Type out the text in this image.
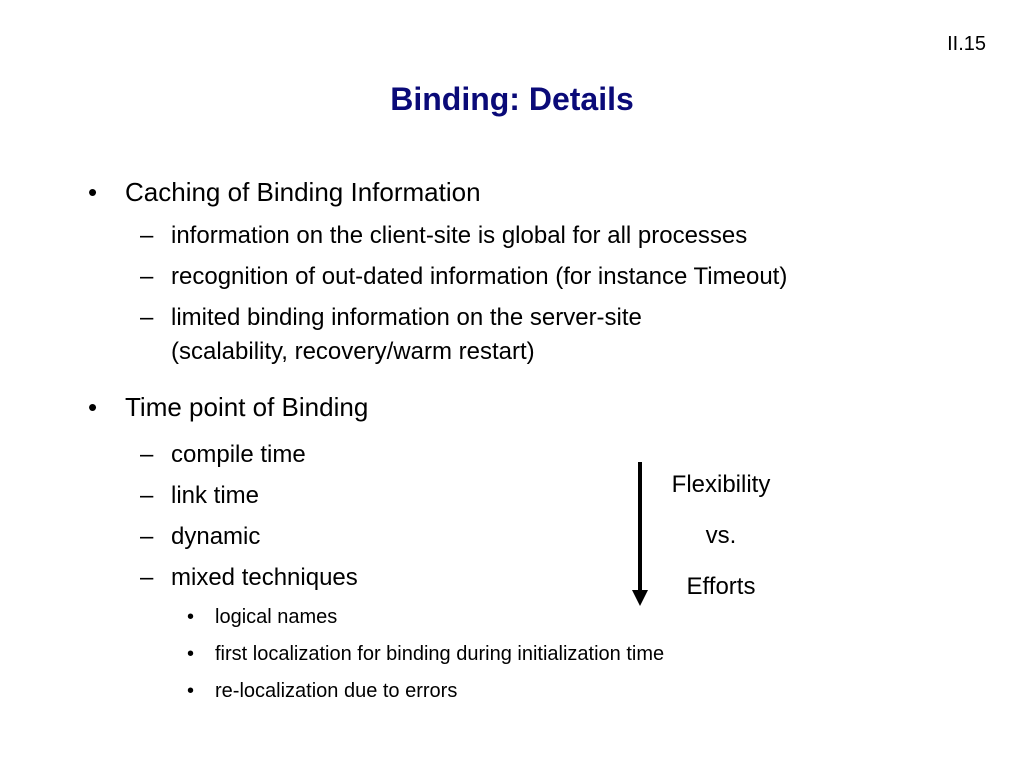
II.15
Binding: Details
• Caching of Binding Information
– information on the client-site is global for all processes
– recognition of out-dated information (for instance Timeout)
– limited binding information on the server-site
(scalability, recovery/warm restart)
• Time point of Binding
– compile time
– link time
– dynamic
– mixed techniques
• logical names
• first localization for binding during initialization time
• re-localization due to errors
Flexibility
vs.
Efforts
